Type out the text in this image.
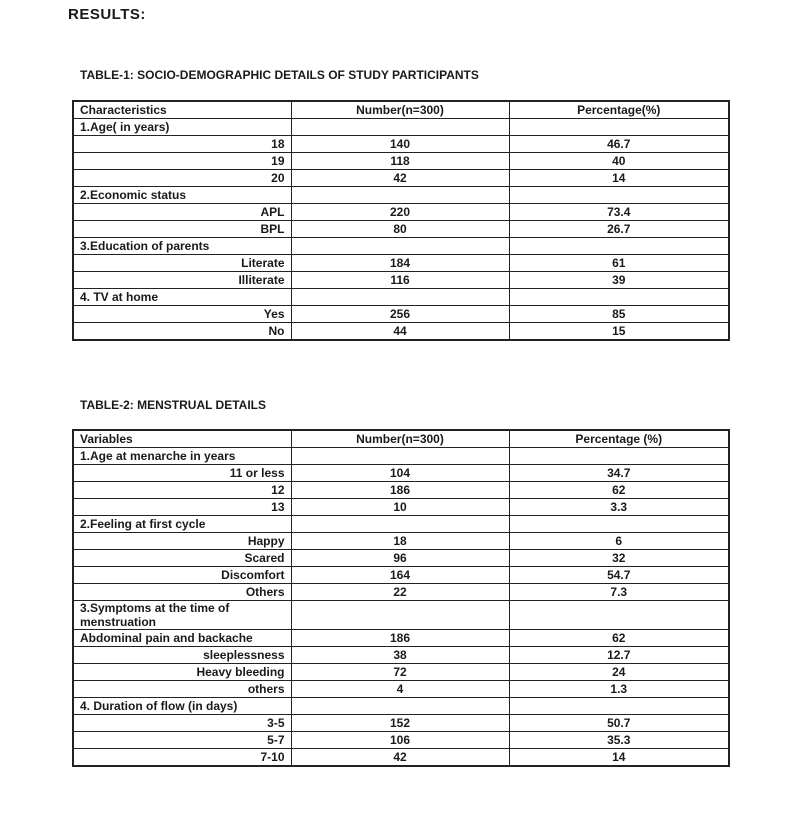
RESULTS:
TABLE-1: SOCIO-DEMOGRAPHIC DETAILS OF STUDY PARTICIPANTS
Characteristics	Number(n=300)	Percentage(%)
1.Age( in years)		
18	140	46.7
19	118	40
20	42	14
2.Economic status		
APL	220	73.4
BPL	80	26.7
3.Education of parents		
Literate	184	61
Illiterate	116	39
4. TV at home		
Yes	256	85
No	44	15
TABLE-2: MENSTRUAL DETAILS
Variables	Number(n=300)	Percentage (%)
1.Age at menarche in years		
11 or less	104	34.7
12	186	62
13	10	3.3
2.Feeling at first cycle		
Happy	18	6
Scared	96	32
Discomfort	164	54.7
Others	22	7.3
3.Symptoms at the time of menstruation		
Abdominal pain and backache	186	62
sleeplessness	38	12.7
Heavy bleeding	72	24
others	4	1.3
4. Duration of flow (in days)		
3-5	152	50.7
5-7	106	35.3
7-10	42	14
